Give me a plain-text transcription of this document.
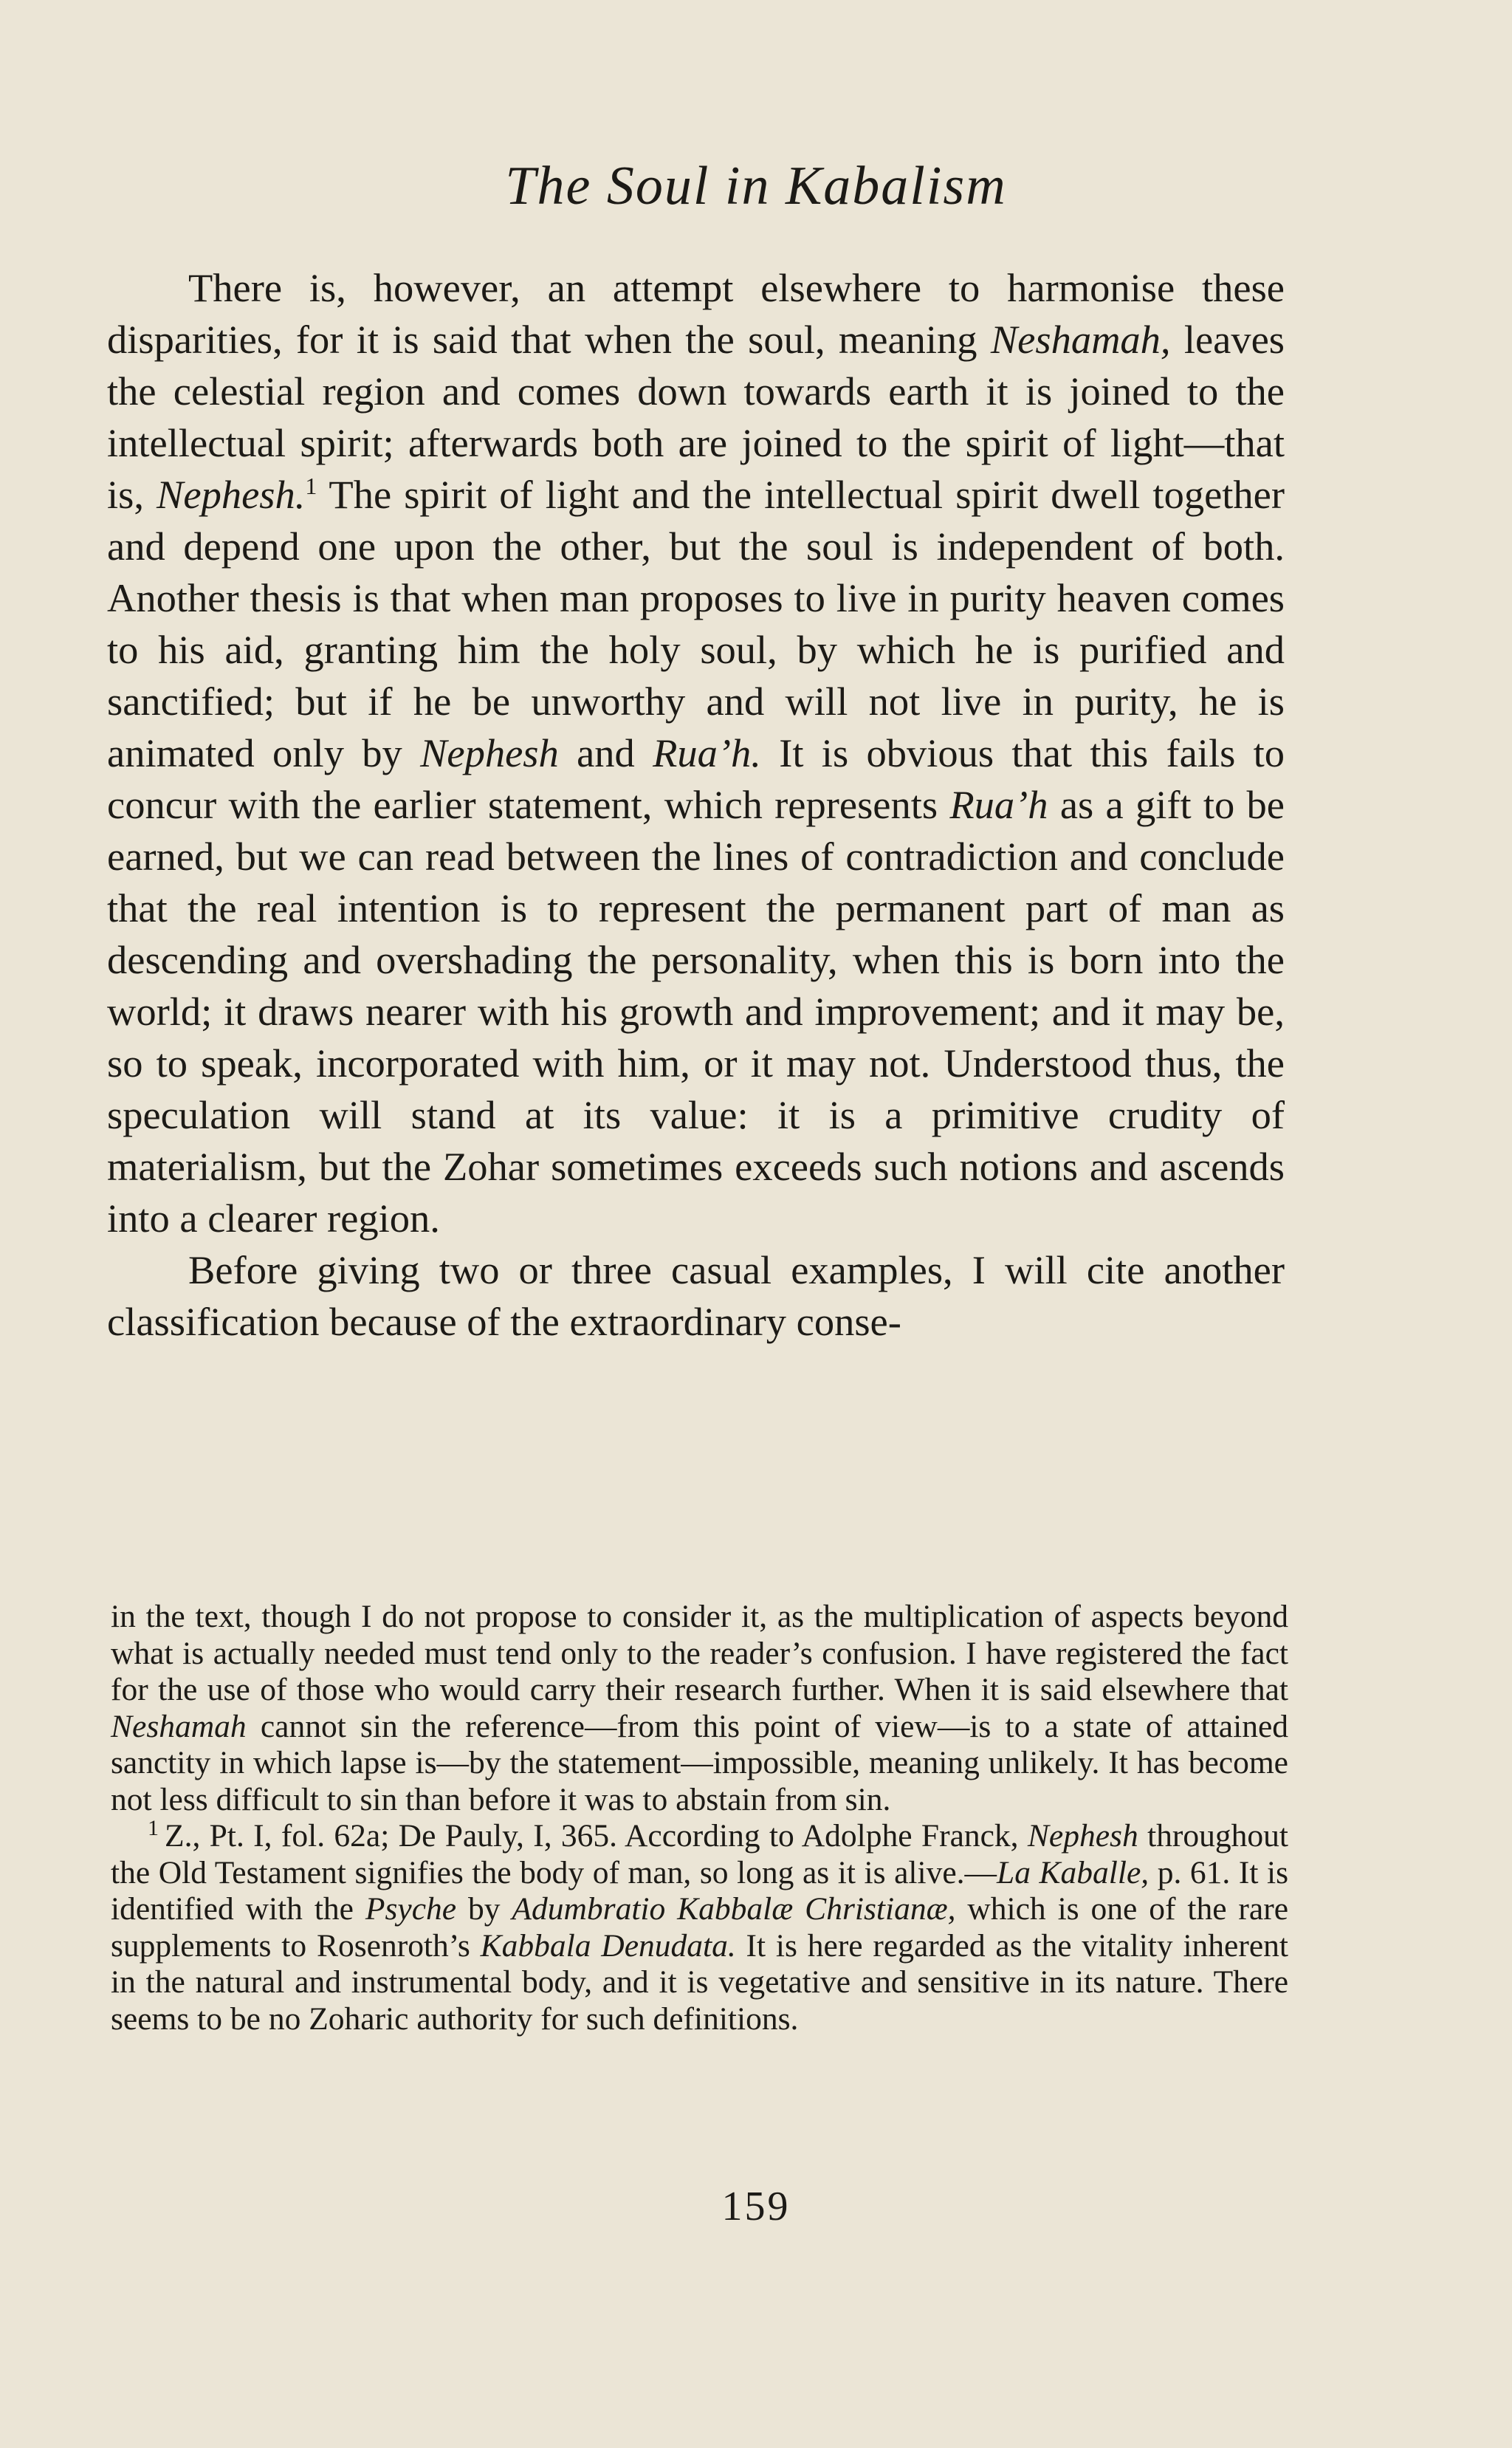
The Soul in Kabalism

There is, however, an attempt elsewhere to harmonise these disparities, for it is said that when the soul, meaning Neshamah, leaves the celestial region and comes down towards earth it is joined to the intellectual spirit; afterwards both are joined to the spirit of light—that is, Nephesh.$^1$ The spirit of light and the intellectual spirit dwell together and depend one upon the other, but the soul is independent of both. Another thesis is that when man proposes to live in purity heaven comes to his aid, granting him the holy soul, by which he is purified and sanctified; but if he be unworthy and will not live in purity, he is animated only by Nephesh and Rua’h. It is obvious that this fails to concur with the earlier statement, which represents Rua’h as a gift to be earned, but we can read between the lines of contradiction and conclude that the real intention is to represent the permanent part of man as descending and overshading the personality, when this is born into the world; it draws nearer with his growth and improvement; and it may be, so to speak, incorporated with him, or it may not. Understood thus, the speculation will stand at its value: it is a primitive crudity of materialism, but the Zohar sometimes exceeds such notions and ascends into a clearer region.

Before giving two or three casual examples, I will cite another classification because of the extraordinary conse-

in the text, though I do not propose to consider it, as the multiplication of aspects beyond what is actually needed must tend only to the reader’s confusion. I have registered the fact for the use of those who would carry their research further. When it is said elsewhere that Neshamah cannot sin the reference—from this point of view—is to a state of attained sanctity in which lapse is—by the statement—impossible, meaning unlikely. It has become not less difficult to sin than before it was to abstain from sin.

$^1$ Z., Pt. I, fol. 62a; De Pauly, I, 365. According to Adolphe Franck, Nephesh throughout the Old Testament signifies the body of man, so long as it is alive.—La Kaballe, p. 61. It is identified with the Psyche by Adumbratio Kabbalæ Christianæ, which is one of the rare supplements to Rosenroth’s Kabbala Denudata. It is here regarded as the vitality inherent in the natural and instrumental body, and it is vegetative and sensitive in its nature. There seems to be no Zoharic authority for such definitions.

159
